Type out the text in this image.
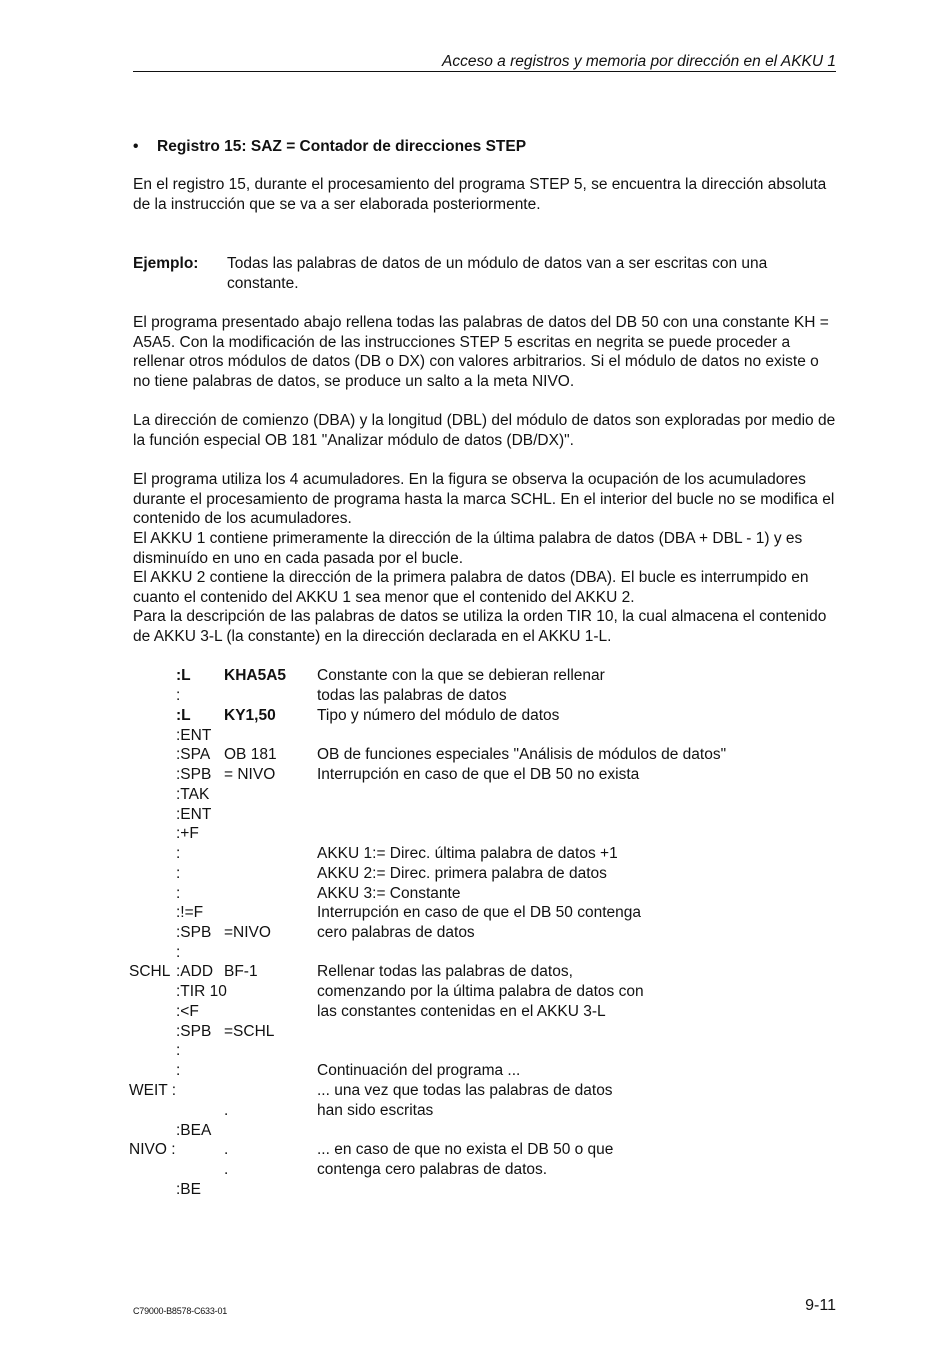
Acceso a registros y memoria por dirección en el AKKU 1
• Registro 15: SAZ = Contador de direcciones STEP
En el registro 15, durante el procesamiento del programa STEP 5, se encuentra la dirección absoluta de la instrucción que se va a ser elaborada posteriormente.
Ejemplo: Todas las palabras de datos de un módulo de datos van a ser escritas con una constante.
El programa presentado abajo rellena todas las palabras de datos del DB 50 con una constante KH = A5A5. Con la modificación de las instrucciones STEP 5 escritas en negrita se puede proceder a rellenar otros módulos de datos (DB o DX) con valores arbitrarios. Si el módulo de datos no existe o no tiene palabras de datos, se produce un salto a la meta NIVO.
La dirección de comienzo (DBA) y la longitud (DBL) del módulo de datos son exploradas por medio de la función especial OB 181 "Analizar módulo de datos (DB/DX)".
El programa utiliza los 4 acumuladores. En la figura se observa la ocupación de los acumuladores durante el procesamiento de programa hasta la marca SCHL. En el interior del bucle no se modifica el contenido de los acumuladores.
El AKKU 1 contiene primeramente la dirección de la última palabra de datos (DBA + DBL - 1) y es disminuído en uno en cada pasada por el bucle.
El AKKU 2 contiene la dirección de la primera palabra de datos (DBA). El bucle es interrumpido en cuanto el contenido del AKKU 1 sea menor que el contenido del AKKU 2.
Para la descripción de las palabras de datos se utiliza la orden TIR 10, la cual almacena el contenido de AKKU 3-L (la constante) en la dirección declarada en el AKKU 1-L.
:L KHA5A5 Constante con la que se debieran rellenar
:	todas las palabras de datos
:L KY1,50	Tipo y número del módulo de datos
:ENT
:SPA OB 181	OB de funciones especiales "Análisis de módulos de datos"
:SPB = NIVO	Interrupción en caso de que el DB 50 no exista
:TAK
:ENT
:+F
:	AKKU 1:= Direc. última palabra de datos +1
:	AKKU 2:= Direc. primera palabra de datos
:	AKKU 3:= Constante
:!=F	Interrupción en caso de que el DB 50 contenga
:SPB =NIVO	cero palabras de datos
:
SCHL :ADD BF-1	Rellenar todas las palabras de datos,
:TIR 10	comenzando por la última palabra de datos con
:<F	las constantes contenidas en el AKKU 3-L
:SPB =SCHL
:
:	Continuación del programa ...
WEIT :	... una vez que todas las palabras de datos
.	han sido escritas
:BEA
NIVO :	.	... en caso de que no exista el DB 50 o que
.	contenga cero palabras de datos.
:BE
C79000-B8578-C633-01	9-11
